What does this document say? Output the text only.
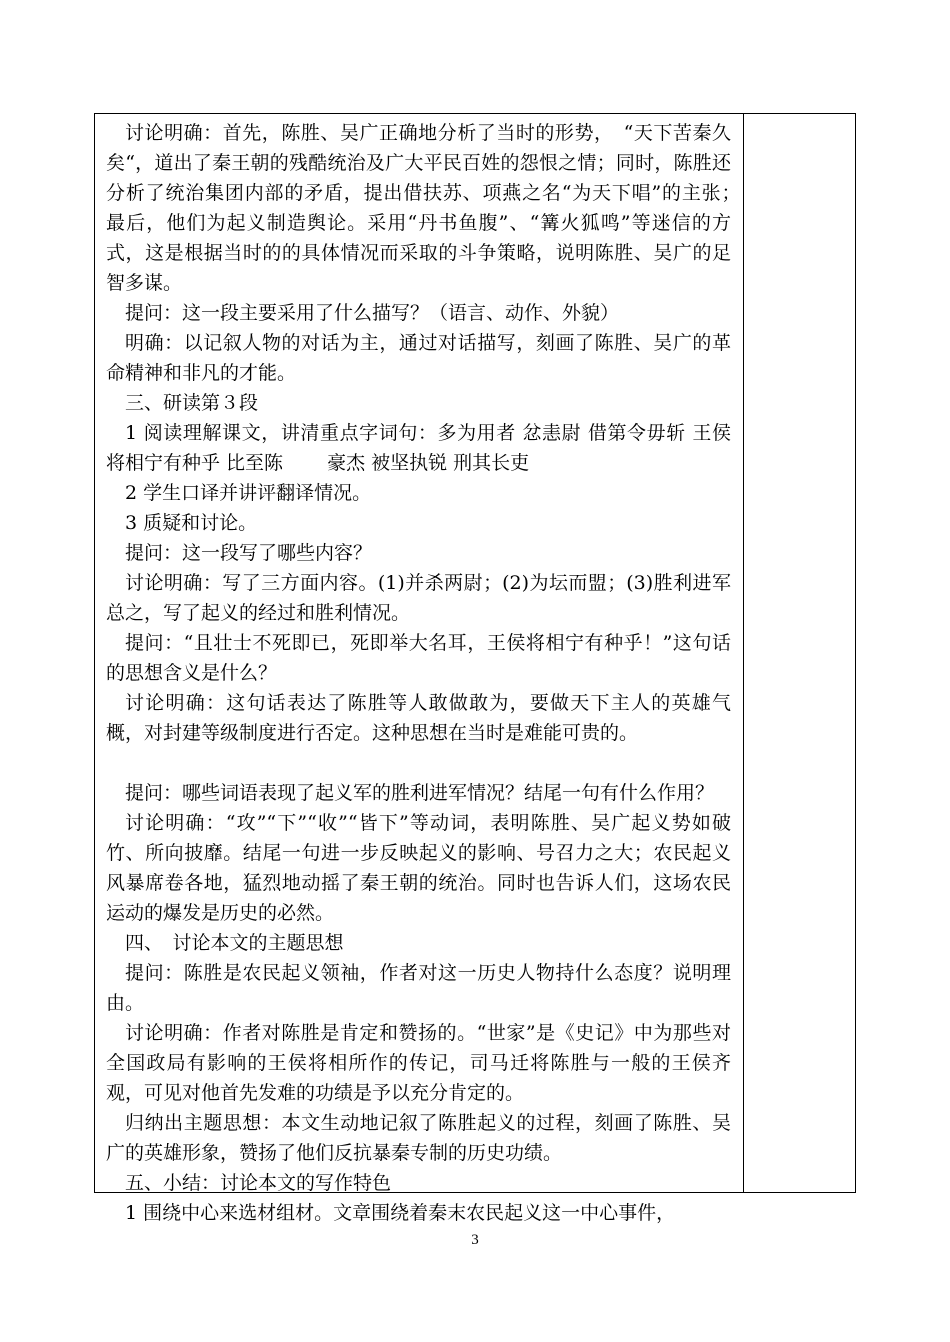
讨论明确：首先，陈胜、吴广正确地分析了当时的形势，　“天下苦秦久矣“，道出了秦王朝的残酷统治及广大平民百姓的怨恨之情；同时，陈胜还分析了统治集团内部的矛盾，提出借扶苏、项燕之名“为天下唱”的主张；　最后，他们为起义制造舆论。采用“丹书鱼腹”、“篝火狐鸣”等迷信的方式，这是根据当时的的具体情况而采取的斗争策略，说明陈胜、吴广的足智多谋。

提问：这一段主要采用了什么描写？（语言、动作、外貌）

明确：以记叙人物的对话为主，通过对话描写，刻画了陈胜、吴广的革命精神和非凡的才能。

三、研读第３段

1 阅读理解课文，讲清重点字词句：多为用者 忿恚尉 借第令毋斩 王侯将相宁有种乎 比至陈　　 豪杰 被坚执锐 刑其长吏

2 学生口译并讲评翻译情况。

3 质疑和讨论。

提问：这一段写了哪些内容？

讨论明确：写了三方面内容。(1)并杀两尉；(2)为坛而盟；(3)胜利进军　　 总之，写了起义的经过和胜利情况。

提问：“且壮士不死即已，死即举大名耳，王侯将相宁有种乎！”这句话的思想含义是什么？

讨论明确：这句话表达了陈胜等人敢做敢为，要做天下主人的英雄气概，对封建等级制度进行否定。这种思想在当时是难能可贵的。

提问：哪些词语表现了起义军的胜利进军情况？结尾一句有什么作用？

讨论明确：“攻”“下”“收”“皆下”等动词，表明陈胜、吴广起义势如破竹、所向披靡。结尾一句进一步反映起义的影响、号召力之大；农民起义风暴席卷各地，猛烈地动摇了秦王朝的统治。同时也告诉人们，这场农民运动的爆发是历史的必然。

四、　讨论本文的主题思想

提问：陈胜是农民起义领袖，作者对这一历史人物持什么态度？说明理由。

讨论明确：作者对陈胜是肯定和赞扬的。“世家”是《史记》中为那些对全国政局有影响的王侯将相所作的传记，司马迁将陈胜与一般的王侯齐观，可见对他首先发难的功绩是予以充分肯定的。

归纳出主题思想：本文生动地记叙了陈胜起义的过程，刻画了陈胜、吴广的英雄形象，赞扬了他们反抗暴秦专制的历史功绩。

五、小结：讨论本文的写作特色

1 围绕中心来选材组材。文章围绕着秦末农民起义这一中心事件，

3
